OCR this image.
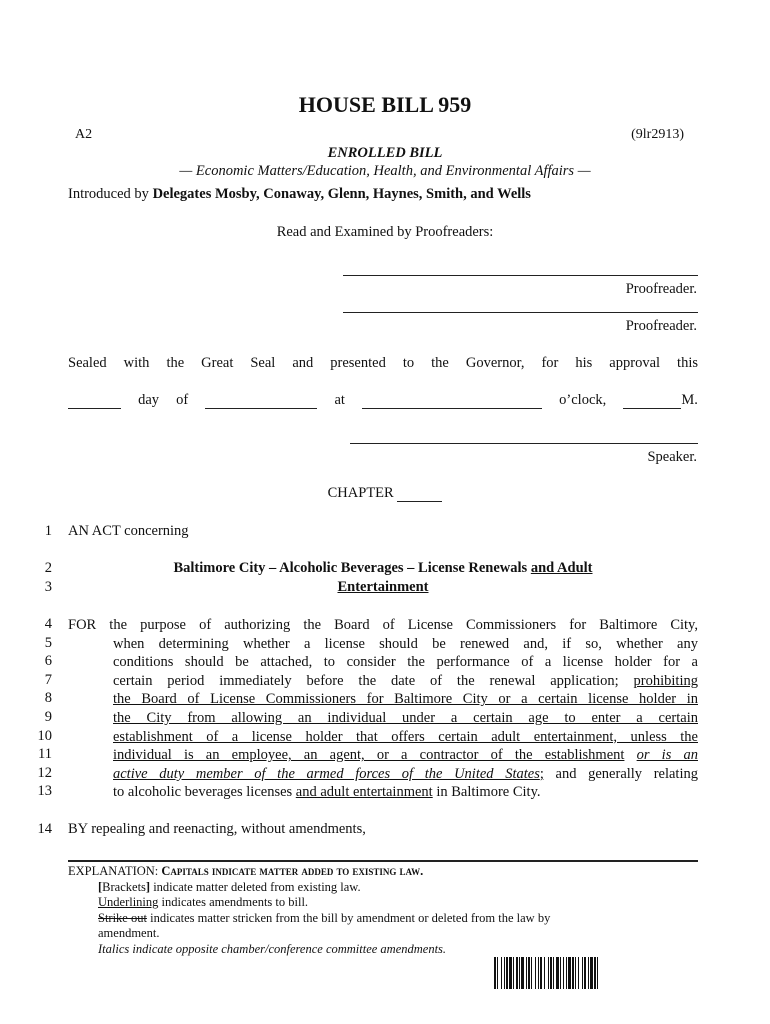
HOUSE BILL 959
A2	(9lr2913)
ENROLLED BILL
— Economic Matters/Education, Health, and Environmental Affairs —
Introduced by Delegates Mosby, Conaway, Glenn, Haynes, Smith, and Wells
Read and Examined by Proofreaders:
Proofreader.
Proofreader.
Sealed with the Great Seal and presented to the Governor, for his approval this
day of	at	o’clock,	M.
Speaker.
CHAPTER
1
2
3
4
5
6
7
8
9
10
11
12
13
14
AN ACT concerning
Baltimore City – Alcoholic Beverages – License Renewals and Adult
Entertainment
FOR the purpose of authorizing the Board of License Commissioners for Baltimore City,
when determining whether a license should be renewed and, if so, whether any
conditions should be attached, to consider the performance of a license holder for a
certain period immediately before the date of the renewal application; prohibiting
the Board of License Commissioners for Baltimore City or a certain license holder in
the City from allowing an individual under a certain age to enter a certain
establishment of a license holder that offers certain adult entertainment, unless the
individual is an employee, an agent, or a contractor of the establishment or is an
active duty member of the armed forces of the United States; and generally relating
to alcoholic beverages licenses and adult entertainment in Baltimore City.
BY repealing and reenacting, without amendments,
EXPLANATION: Capitals indicate matter added to existing law.
[Brackets] indicate matter deleted from existing law.
Underlining indicates amendments to bill.
Strike out indicates matter stricken from the bill by amendment or deleted from the law by
amendment.
Italics indicate opposite chamber/conference committee amendments.
